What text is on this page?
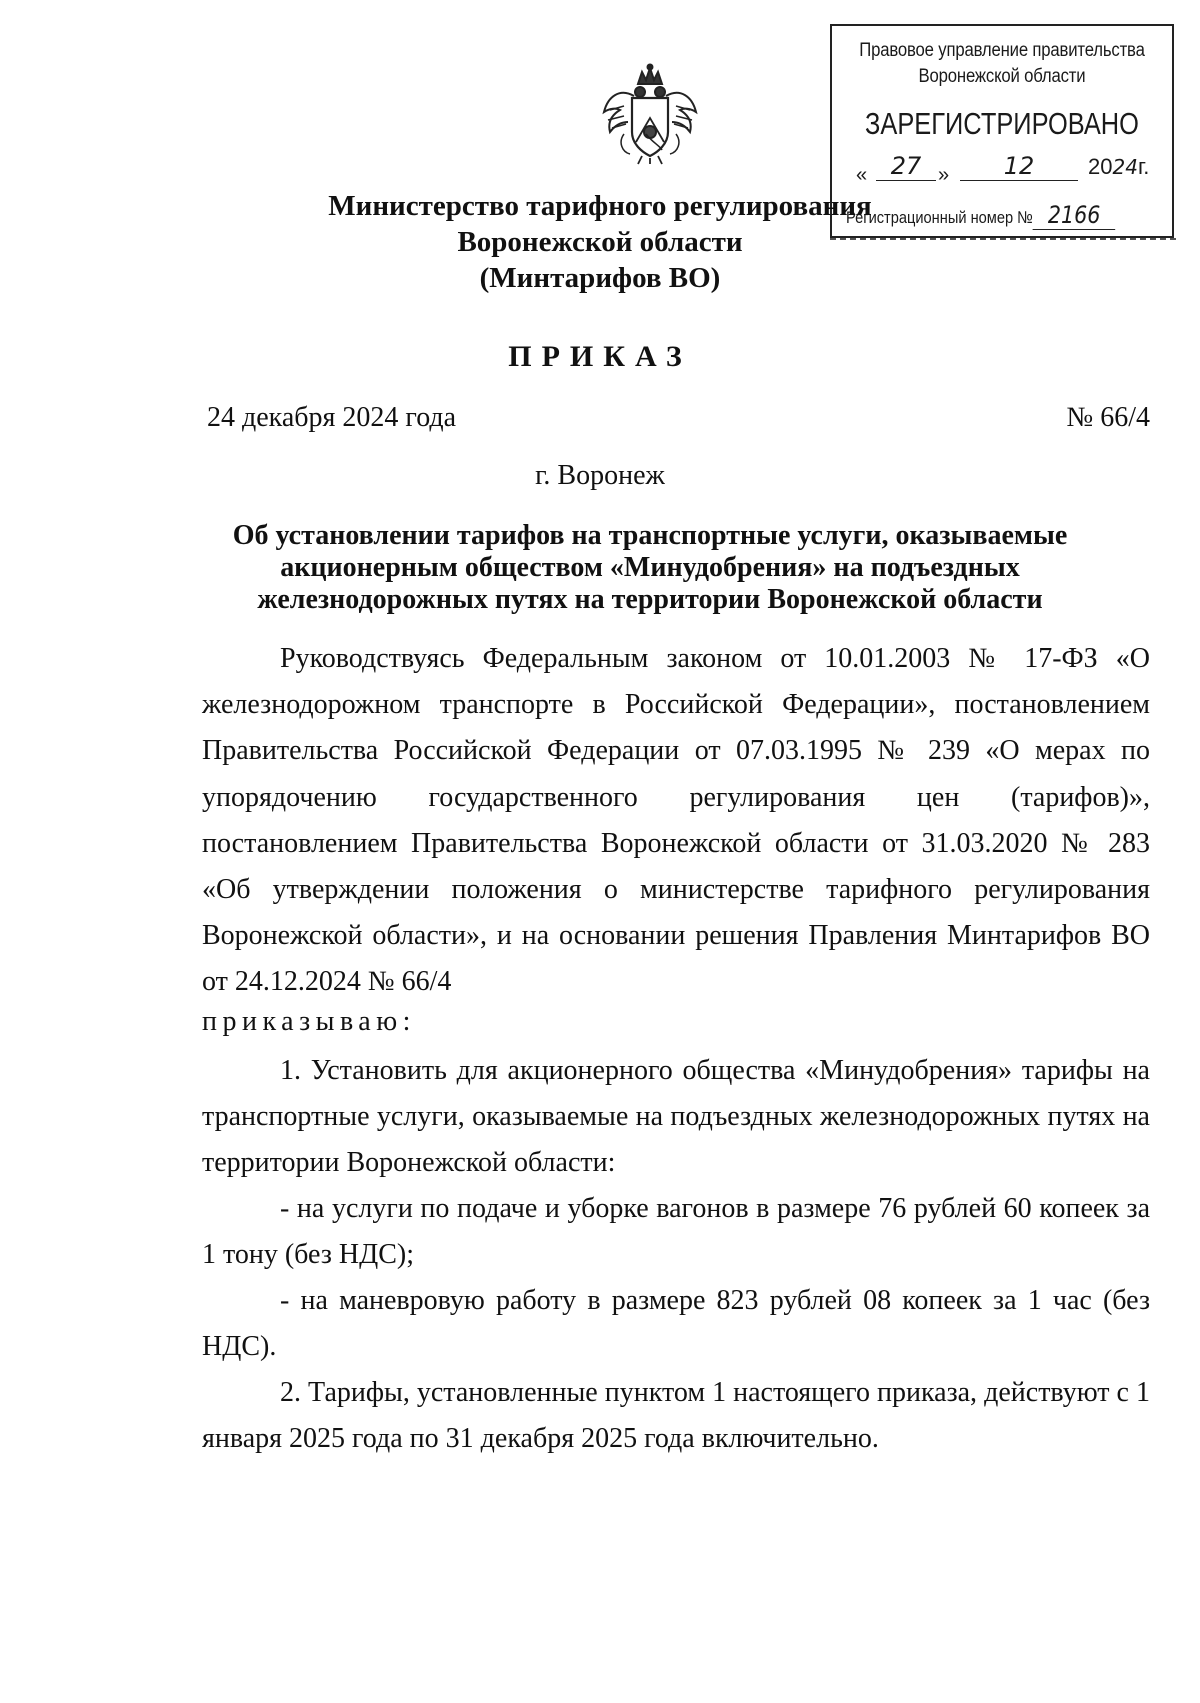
Правовое управление правительства
Воронежской области
ЗАРЕГИСТРИРОВАНО
« 27 »	12	2024г.
Регистрационный номер № 2166
Министерство тарифного регулирования
Воронежской области
(Минтарифов ВО)
ПРИКАЗ
24 декабря 2024 года	№ 66/4
г. Воронеж
Об установлении тарифов на транспортные услуги, оказываемые
акционерным обществом «Минудобрения» на подъездных
железнодорожных путях на территории Воронежской области

Руководствуясь Федеральным законом от 10.01.2003 № 17-ФЗ «О железнодорожном транспорте в Российской Федерации», постановлением Правительства Российской Федерации от 07.03.1995 № 239 «О мерах по упорядочению государственного регулирования цен (тарифов)», постановлением Правительства Воронежской области от 31.03.2020 № 283 «Об утверждении положения о министерстве тарифного регулирования Воронежской области», и на основании решения Правления Минтарифов ВО от 24.12.2024 № 66/4

приказываю:

1. Установить для акционерного общества «Минудобрения» тарифы на транспортные услуги, оказываемые на подъездных железнодорожных путях на территории Воронежской области:

- на услуги по подаче и уборке вагонов в размере 76 рублей 60 копеек за 1 тону (без НДС);

- на маневровую работу в размере 823 рублей 08 копеек за 1 час (без НДС).

2. Тарифы, установленные пунктом 1 настоящего приказа, действуют с 1 января 2025 года по 31 декабря 2025 года включительно.
